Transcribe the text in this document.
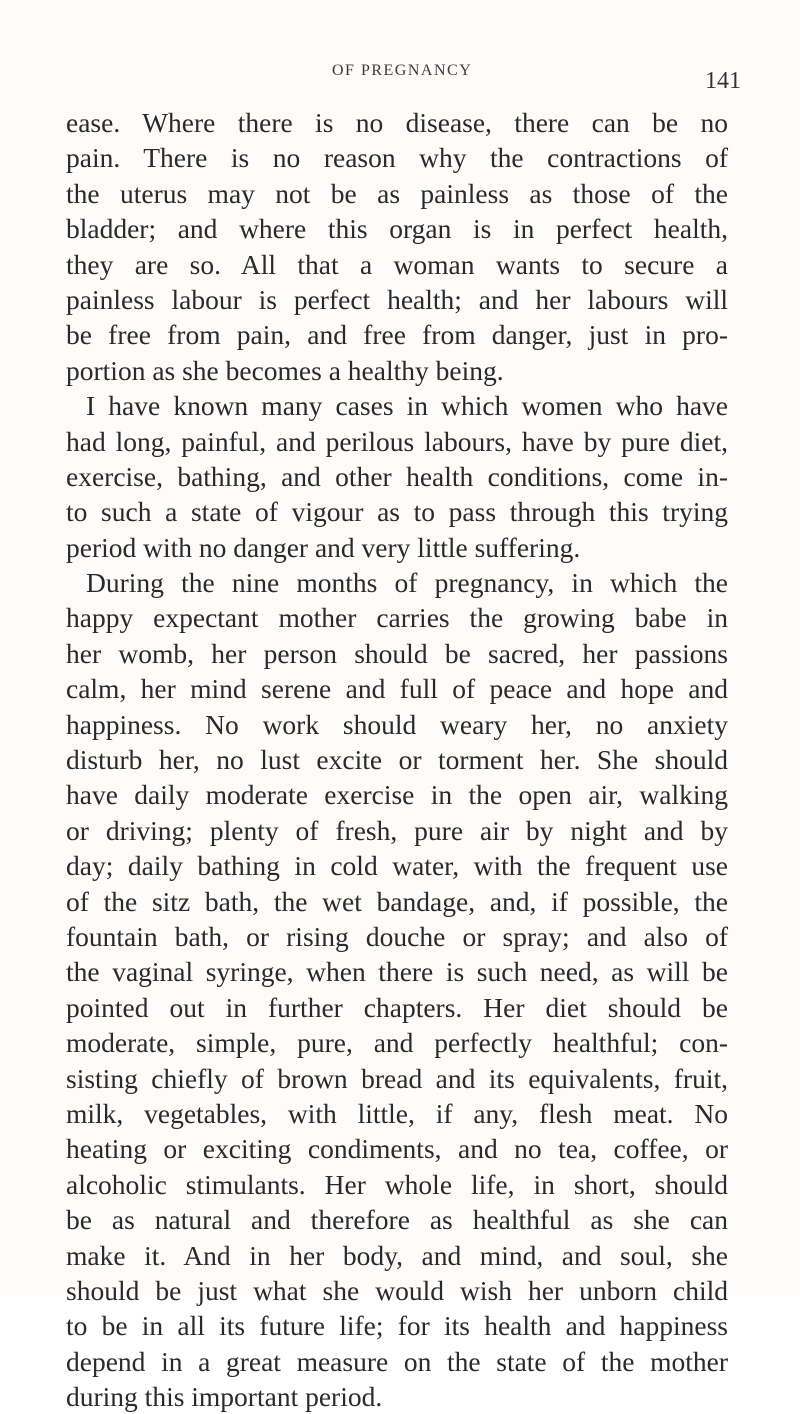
OF PREGNANCY	141
ease. Where there is no disease, there can be no
pain. There is no reason why the contractions of
the uterus may not be as painless as those of the
bladder; and where this organ is in perfect health,
they are so. All that a woman wants to secure a
painless labour is perfect health; and her labours will
be free from pain, and free from danger, just in pro-
portion as she becomes a healthy being.
I have known many cases in which women who have
had long, painful, and perilous labours, have by pure diet,
exercise, bathing, and other health conditions, come in-
to such a state of vigour as to pass through this trying
period with no danger and very little suffering.
During the nine months of pregnancy, in which the
happy expectant mother carries the growing babe in
her womb, her person should be sacred, her passions
calm, her mind serene and full of peace and hope and
happiness. No work should weary her, no anxiety
disturb her, no lust excite or torment her. She should
have daily moderate exercise in the open air, walking
or driving; plenty of fresh, pure air by night and by
day; daily bathing in cold water, with the frequent use
of the sitz bath, the wet bandage, and, if possible, the
fountain bath, or rising douche or spray; and also of
the vaginal syringe, when there is such need, as will be
pointed out in further chapters. Her diet should be
moderate, simple, pure, and perfectly healthful; con-
sisting chiefly of brown bread and its equivalents, fruit,
milk, vegetables, with little, if any, flesh meat. No
heating or exciting condiments, and no tea, coffee, or
alcoholic stimulants. Her whole life, in short, should
be as natural and therefore as healthful as she can
make it. And in her body, and mind, and soul, she
should be just what she would wish her unborn child
to be in all its future life; for its health and happiness
depend in a great measure on the state of the mother
during this important period.
